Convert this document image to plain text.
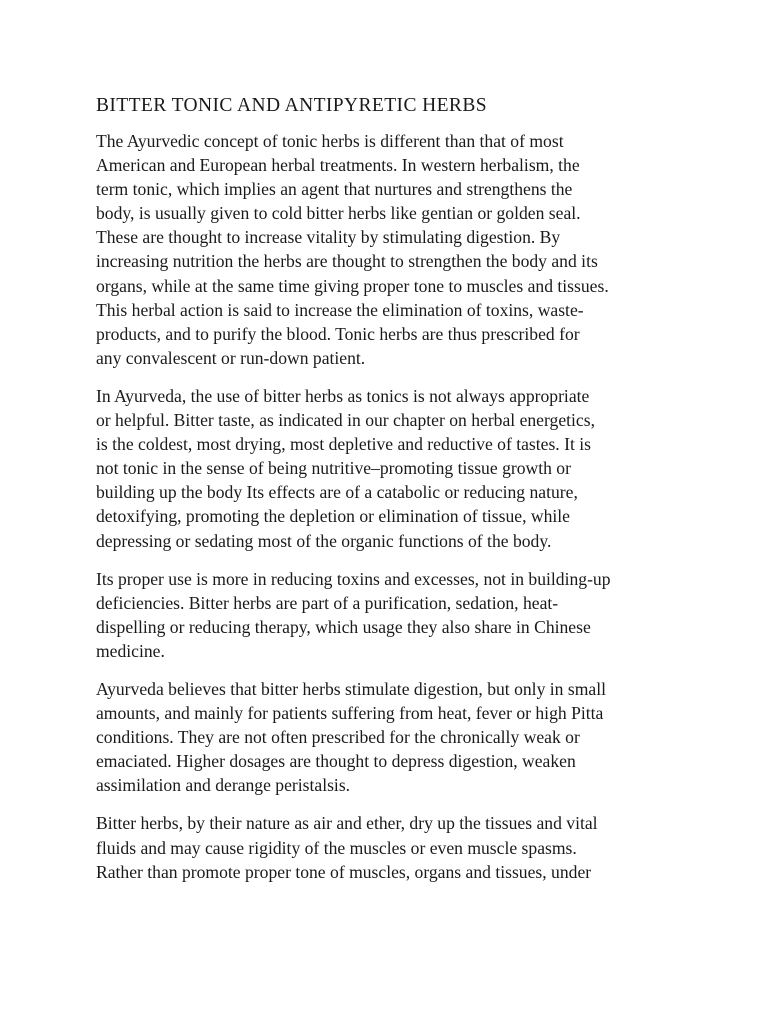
BITTER TONIC AND ANTIPYRETIC HERBS

The Ayurvedic concept of tonic herbs is different than that of most
American and European herbal treatments. In western herbalism, the
term tonic, which implies an agent that nurtures and strengthens the
body, is usually given to cold bitter herbs like gentian or golden seal.
These are thought to increase vitality by stimulating digestion. By
increasing nutrition the herbs are thought to strengthen the body and its
organs, while at the same time giving proper tone to muscles and tissues.
This herbal action is said to increase the elimination of toxins, waste-
products, and to purify the blood. Tonic herbs are thus prescribed for
any convalescent or run-down patient.

In Ayurveda, the use of bitter herbs as tonics is not always appropriate
or helpful. Bitter taste, as indicated in our chapter on herbal energetics,
is the coldest, most drying, most depletive and reductive of tastes. It is
not tonic in the sense of being nutritive–promoting tissue growth or
building up the body Its effects are of a catabolic or reducing nature,
detoxifying, promoting the depletion or elimination of tissue, while
depressing or sedating most of the organic functions of the body.

Its proper use is more in reducing toxins and excesses, not in building-up
deficiencies. Bitter herbs are part of a purification, sedation, heat-
dispelling or reducing therapy, which usage they also share in Chinese
medicine.

Ayurveda believes that bitter herbs stimulate digestion, but only in small
amounts, and mainly for patients suffering from heat, fever or high Pitta
conditions. They are not often prescribed for the chronically weak or
emaciated. Higher dosages are thought to depress digestion, weaken
assimilation and derange peristalsis.

Bitter herbs, by their nature as air and ether, dry up the tissues and vital
fluids and may cause rigidity of the muscles or even muscle spasms.
Rather than promote proper tone of muscles, organs and tissues, under
